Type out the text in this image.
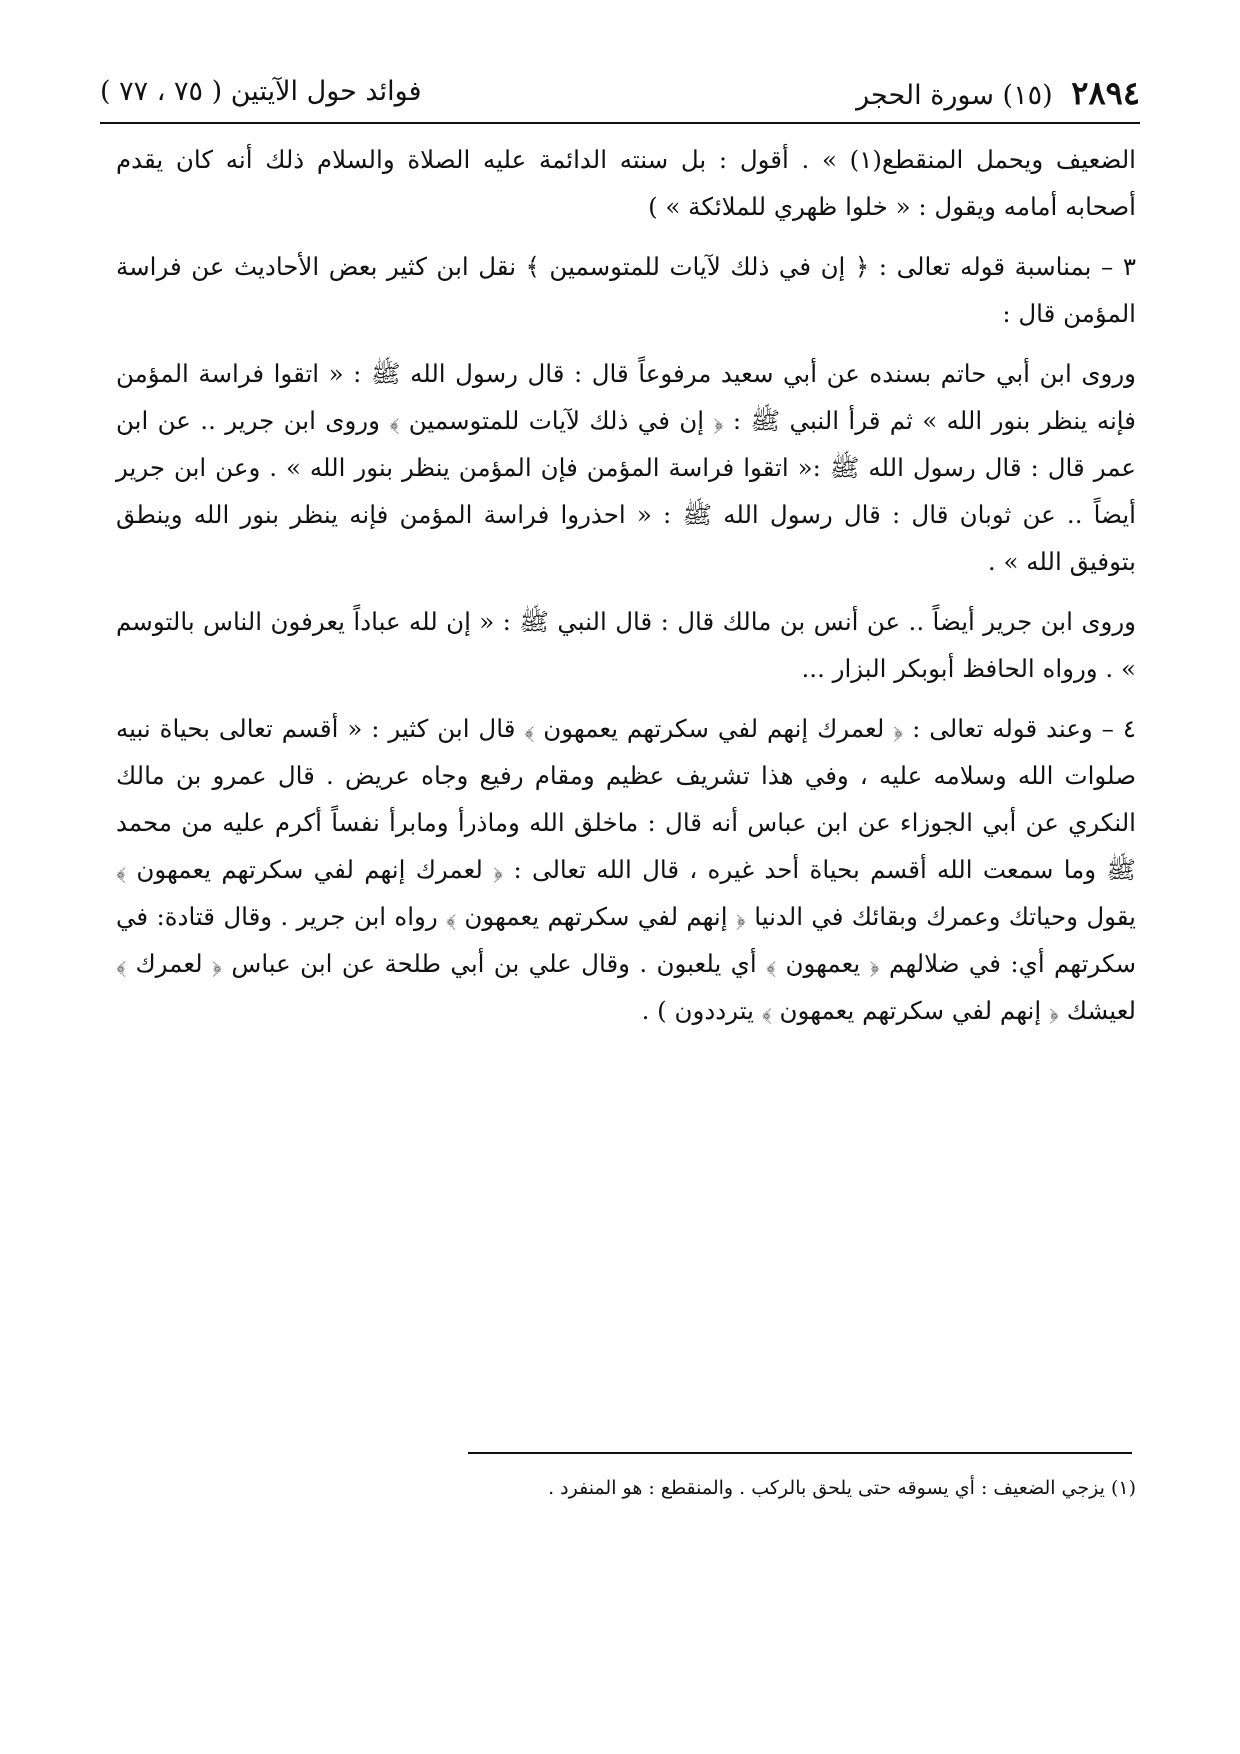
٢٨٩٤ (١٥) سورة الحجر
فوائد حول الآيتين ( ٧٥ ، ٧٧ )

الضعيف ويحمل المنقطع(١) » . أقول : بل سنته الدائمة عليه الصلاة والسلام ذلك أنه كان يقدم أصحابه أمامه ويقول : « خلوا ظهري للملائكة » )

٣ – بمناسبة قوله تعالى : ﴿ إن في ذلك لآيات للمتوسمين ﴾ نقل ابن كثير بعض الأحاديث عن فراسة المؤمن قال :

وروى ابن أبي حاتم بسنده عن أبي سعيد مرفوعاً قال : قال رسول الله ﷺ : « اتقوا فراسة المؤمن فإنه ينظر بنور الله » ثم قرأ النبي ﷺ : ﴿ إن في ذلك لآيات للمتوسمين ﴾ وروى ابن جرير .. عن ابن عمر قال : قال رسول الله ﷺ :« اتقوا فراسة المؤمن فإن المؤمن ينظر بنور الله » . وعن ابن جرير أيضاً .. عن ثوبان قال : قال رسول الله ﷺ : « احذروا فراسة المؤمن فإنه ينظر بنور الله وينطق بتوفيق الله » .

وروى ابن جرير أيضاً .. عن أنس بن مالك قال : قال النبي ﷺ : « إن لله عباداً يعرفون الناس بالتوسم » . ورواه الحافظ أبوبكر البزار ...

٤ – وعند قوله تعالى : ﴿ لعمرك إنهم لفي سكرتهم يعمهون ﴾ قال ابن كثير : « أقسم تعالى بحياة نبيه صلوات الله وسلامه عليه ، وفي هذا تشريف عظيم ومقام رفيع وجاه عريض . قال عمرو بن مالك النكري عن أبي الجوزاء عن ابن عباس أنه قال : ماخلق الله وماذرأ ومابرأ نفساً أكرم عليه من محمد ﷺ وما سمعت الله أقسم بحياة أحد غيره ، قال الله تعالى : ﴿ لعمرك إنهم لفي سكرتهم يعمهون ﴾ يقول وحياتك وعمرك وبقائك في الدنيا ﴿ إنهم لفي سكرتهم يعمهون ﴾ رواه ابن جرير . وقال قتادة: في سكرتهم أي: في ضلالهم ﴿ يعمهون ﴾ أي يلعبون . وقال علي بن أبي طلحة عن ابن عباس ﴿ لعمرك ﴾ لعيشك ﴿ إنهم لفي سكرتهم يعمهون ﴾ يترددون ) .

(١) يزجي الضعيف : أي يسوقه حتى يلحق بالركب . والمنقطع : هو المنفرد .
